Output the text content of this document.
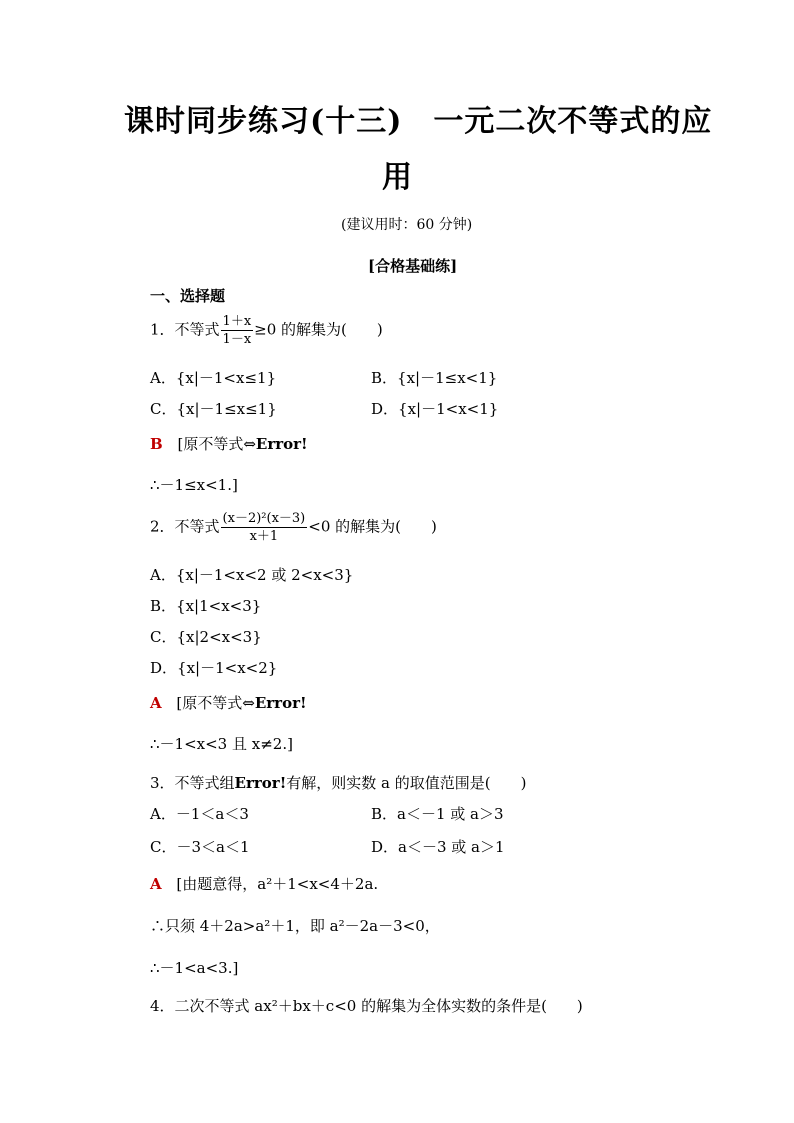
课时同步练习(十三)　一元二次不等式的应
用
(建议用时：60 分钟)
[合格基础练]
一、选择题
1．不等式 $\frac{1+x}{1-x} \ge 0$ 的解集为(　　)
A．{x|－1<x≤1}	B．{x|－1≤x<1}
C．{x|－1≤x≤1}	D．{x|－1<x<1}
B [原不等式⇔Error!
∴－1≤x<1.]
2．不等式 $\frac{\text{(x－2)²(x－3)}}{x+1} <0$ 的解集为(　　)
A．{x|－1<x<2 或 2<x<3}
B．{x|1<x<3}
C．{x|2<x<3}
D．{x|－1<x<2}
A [原不等式⇔Error!
∴－1<x<3 且 x≠2.]
3．不等式组Error!有解，则实数 a 的取值范围是(　　)
A．－1＜a＜3	B．a＜－1 或 a＞3
C．－3＜a＜1	D．a＜－3 或 a＞1
A [由题意得，a²＋1<x<4＋2a.
∴只须 4＋2a>a²＋1，即 a²－2a－3<0，
∴－1<a<3.]
4．二次不等式 ax²＋bx＋c<0 的解集为全体实数的条件是(　　)
